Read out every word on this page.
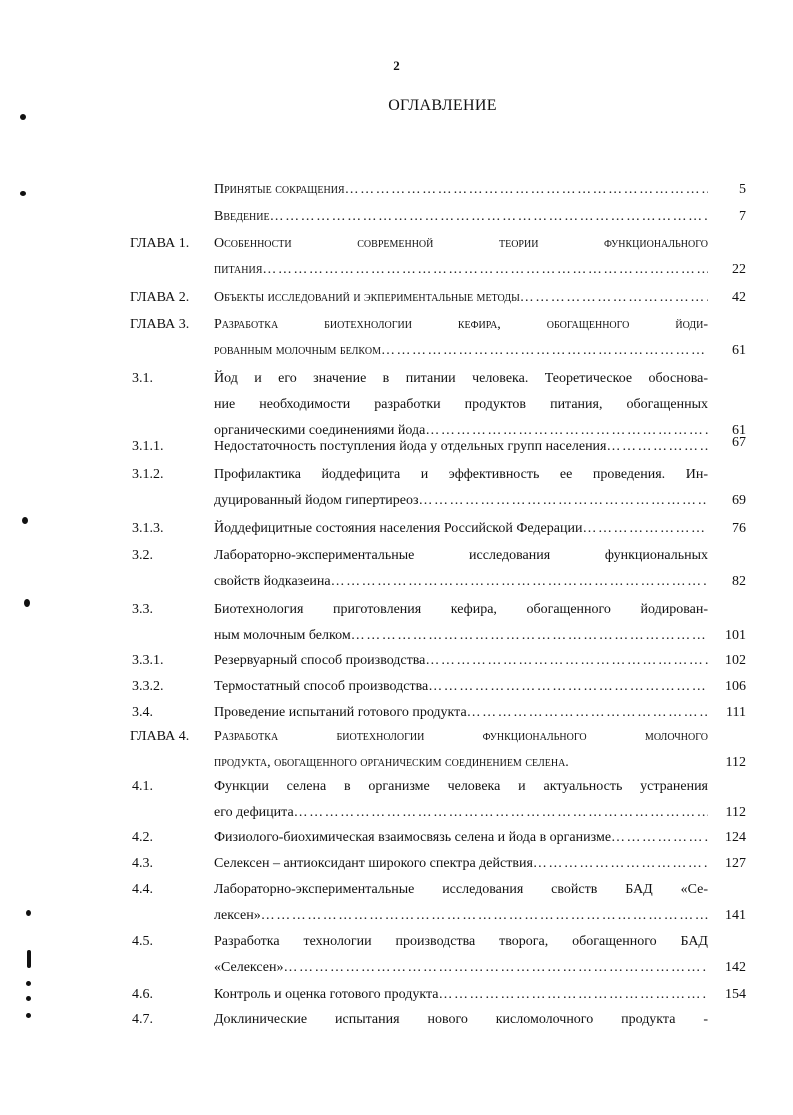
2
ОГЛАВЛЕНИЕ
Принятые сокращения ……………………………………………………………………………………………………………………	5
Введение ……………………………………………………………………………………………………………………	7
ГЛАВА 1. Особенности современной теории функционального
питания ……………………………………………………………………………………………………………………	22
ГЛАВА 2. Объекты исследований и экпериментальные методы ……………………………………………………………………………………………………………………	42
ГЛАВА 3. Разработка биотехнологии кефира, обогащенного йоди-
рованным молочным белком ……………………………………………………………………………………………………………………	61
3.1.	Йод и его значение в питании человека. Теоретическое обоснова-
ние необходимости разработки продуктов питания, обогащенных
органическими соединениями йода ……………………………………………………………………………………………………………………	61
3.1.1.	Недостаточность поступления йода у отдельных групп населения ……………………………………………………………………………………………………………………	67
3.1.2.	Профилактика йоддефицита и эффективность ее проведения. Ин-
дуцированный йодом гипертиреоз ……………………………………………………………………………………………………………………	69
3.1.3.	Йоддефицитные состояния населения Российской Федерации ……………………………………………………………………………………………………………………	76
3.2.	Лабораторно-экспериментальные исследования функциональных
свойств йодказеина ……………………………………………………………………………………………………………………	82
3.3.	Биотехнология приготовления кефира, обогащенного йодирован-
ным молочным белком ……………………………………………………………………………………………………………………	101
3.3.1.	Резервуарный способ производства ……………………………………………………………………………………………………………………	102
3.3.2.	Термостатный способ производства ……………………………………………………………………………………………………………………	106
3.4.	Проведение испытаний готового продукта ……………………………………………………………………………………………………………………	111
ГЛАВА 4. Разработка биотехнологии функционального молочного
продукта, обогащенного органическим соединением селена.	112
4.1.	Функции селена в организме человека и актуальность устранения
его дефицита ……………………………………………………………………………………………………………………	112
4.2.	Физиолого-биохимическая взаимосвязь селена и йода в организме ……………………………………………………………………………………………………………………	124
4.3.	Селексен – антиоксидант широкого спектра действия ……………………………………………………………………………………………………………………	127
4.4.	Лабораторно-экспериментальные исследования свойств БАД «Се-
лексен» ……………………………………………………………………………………………………………………	141
4.5.	Разработка технологии производства творога, обогащенного БАД
«Селексен» ……………………………………………………………………………………………………………………	142
4.6.	Контроль и оценка готового продукта ……………………………………………………………………………………………………………………	154
4.7.	Доклинические испытания нового кисломолочного продукта -
